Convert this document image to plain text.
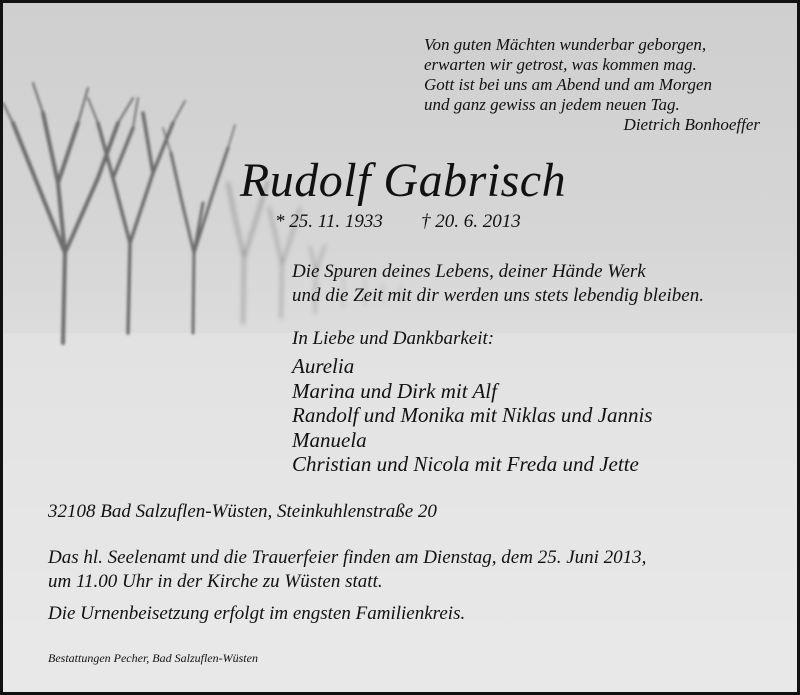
Von guten Mächten wunderbar geborgen,
erwarten wir getrost, was kommen mag.
Gott ist bei uns am Abend und am Morgen
und ganz gewiss an jedem neuen Tag.
Dietrich Bonhoeffer
Rudolf Gabrisch
* 25. 11. 1933 † 20. 6. 2013
Die Spuren deines Lebens, deiner Hände Werk
und die Zeit mit dir werden uns stets lebendig bleiben.
In Liebe und Dankbarkeit:
Aurelia
Marina und Dirk mit Alf
Randolf und Monika mit Niklas und Jannis
Manuela
Christian und Nicola mit Freda und Jette
32108 Bad Salzuflen-Wüsten, Steinkuhlenstraße 20
Das hl. Seelenamt und die Trauerfeier finden am Dienstag, dem 25. Juni 2013,
um 11.00 Uhr in der Kirche zu Wüsten statt.
Die Urnenbeisetzung erfolgt im engsten Familienkreis.
Bestattungen Pecher, Bad Salzuflen-Wüsten
